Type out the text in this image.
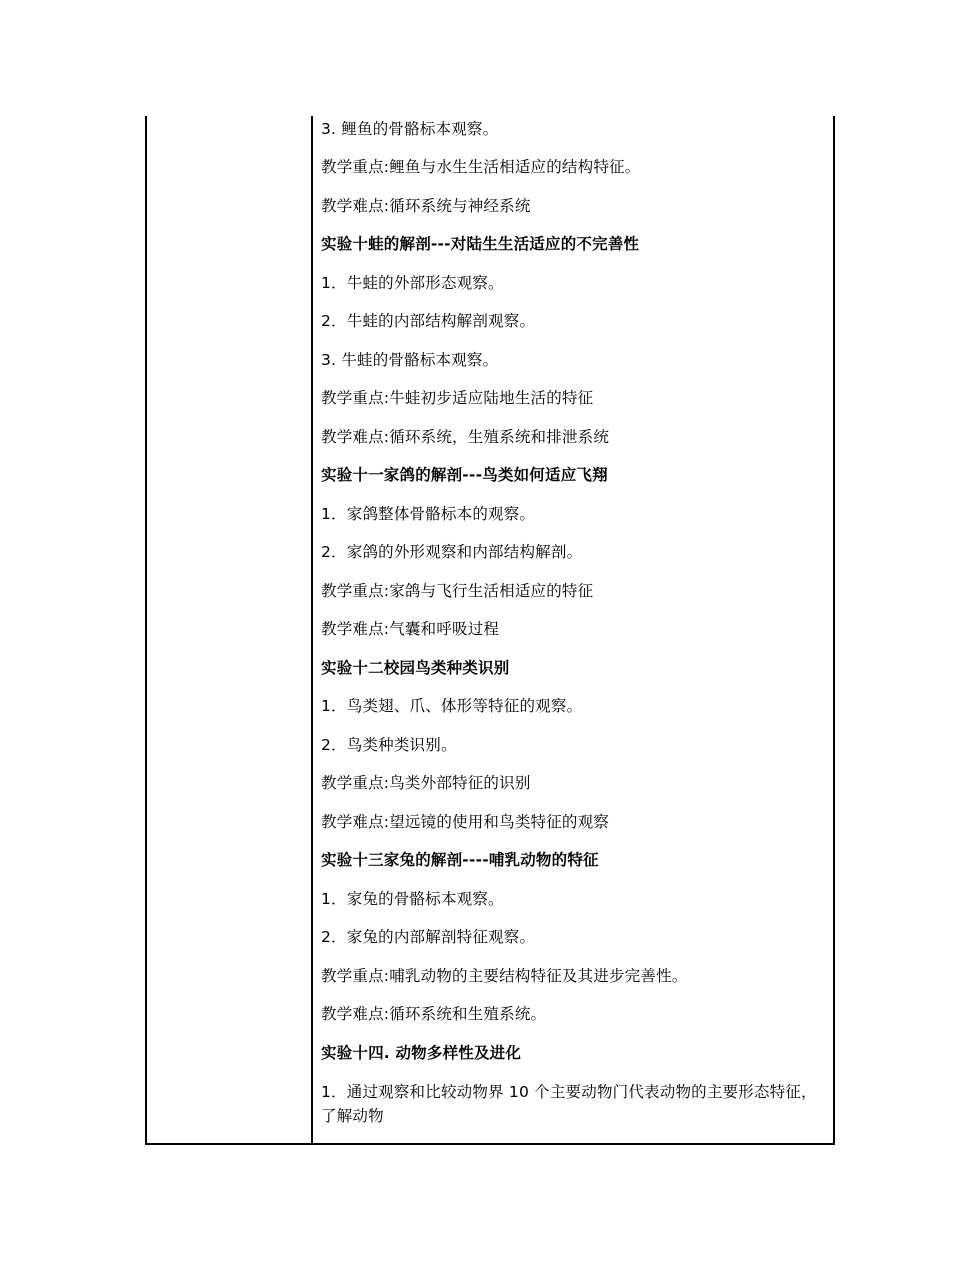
3. 鲤鱼的骨骼标本观察。
教学重点:鲤鱼与水生生活相适应的结构特征。
教学难点:循环系统与神经系统
实验十蛙的解剖---对陆生生活适应的不完善性
1．牛蛙的外部形态观察。
2．牛蛙的内部结构解剖观察。
3. 牛蛙的骨骼标本观察。
教学重点:牛蛙初步适应陆地生活的特征
教学难点:循环系统，生殖系统和排泄系统
实验十一家鸽的解剖---鸟类如何适应飞翔
1．家鸽整体骨骼标本的观察。
2．家鸽的外形观察和内部结构解剖。
教学重点:家鸽与飞行生活相适应的特征
教学难点:气囊和呼吸过程
实验十二校园鸟类种类识别
1．鸟类翅、爪、体形等特征的观察。
2．鸟类种类识别。
教学重点:鸟类外部特征的识别
教学难点:望远镜的使用和鸟类特征的观察
实验十三家兔的解剖----哺乳动物的特征
1．家兔的骨骼标本观察。
2．家兔的内部解剖特征观察。
教学重点:哺乳动物的主要结构特征及其进步完善性。
教学难点:循环系统和生殖系统。
实验十四. 动物多样性及进化
1．通过观察和比较动物界 10 个主要动物门代表动物的主要形态特征，了解动物
